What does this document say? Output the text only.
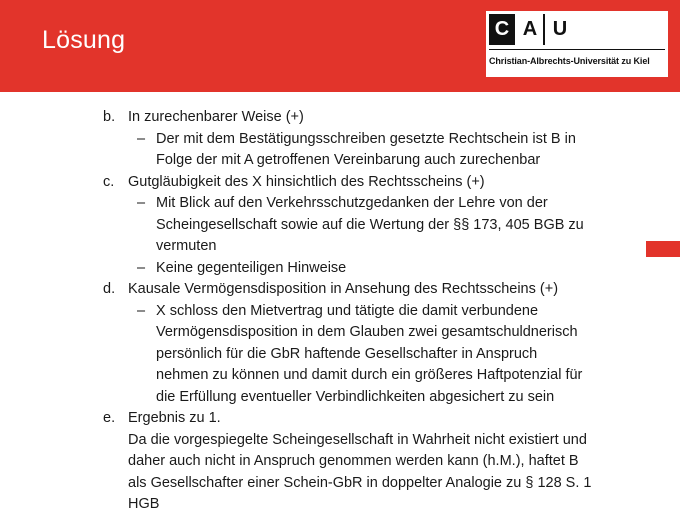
Lösung	C A U
Christian-Albrechts-Universität zu Kiel
b. In zurechenbarer Weise (+)
– Der mit dem Bestätigungsschreiben gesetzte Rechtschein ist B in
Folge der mit A getroffenen Vereinbarung auch zurechenbar
c. Gutgläubigkeit des X hinsichtlich des Rechtsscheins (+)
– Mit Blick auf den Verkehrsschutzgedanken der Lehre von der
Scheingesellschaft sowie auf die Wertung der §§ 173, 405 BGB zu
vermuten
– Keine gegenteiligen Hinweise
d. Kausale Vermögensdisposition in Ansehung des Rechtsscheins (+)
– X schloss den Mietvertrag und tätigte die damit verbundene
Vermögensdisposition in dem Glauben zwei gesamtschuldnerisch
persönlich für die GbR haftende Gesellschafter in Anspruch
nehmen zu können und damit durch ein größeres Haftpotenzial für
die Erfüllung eventueller Verbindlichkeiten abgesichert zu sein
e. Ergebnis zu 1.
Da die vorgespiegelte Scheingesellschaft in Wahrheit nicht existiert und
daher auch nicht in Anspruch genommen werden kann (h.M.), haftet B
als Gesellschafter einer Schein-GbR in doppelter Analogie zu § 128 S. 1
HGB
